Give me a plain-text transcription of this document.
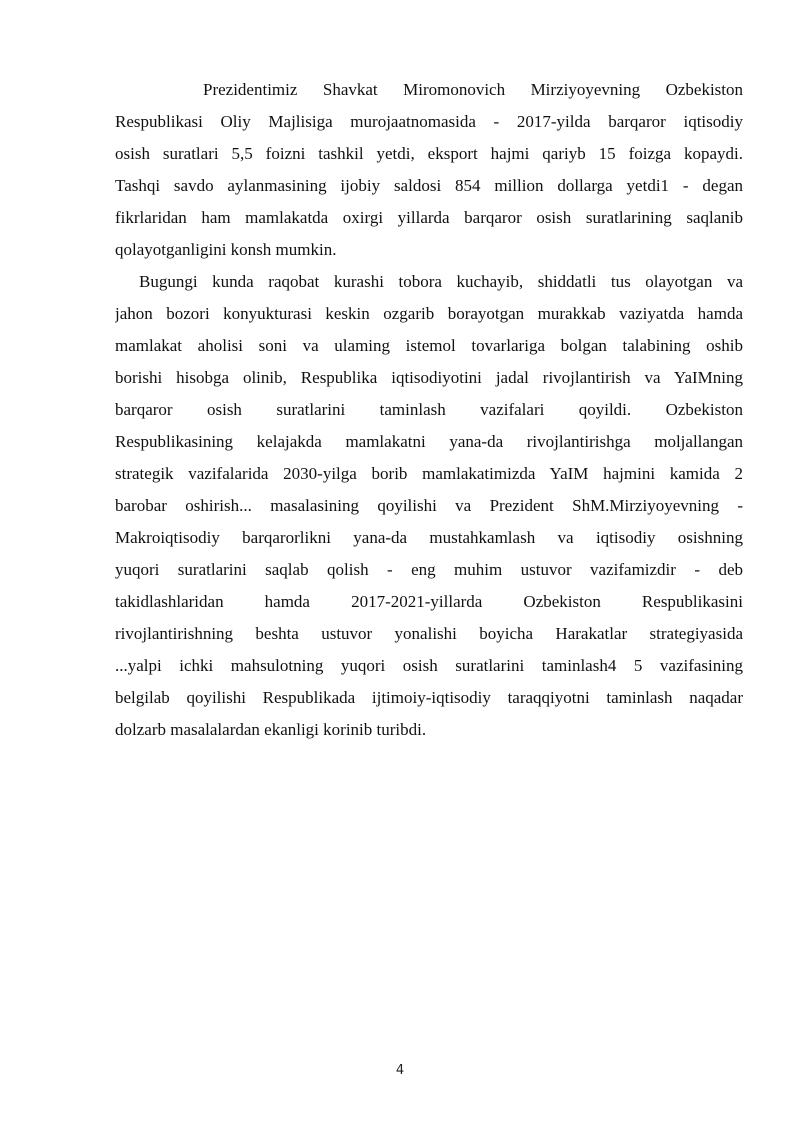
Prezidentimiz Shavkat Miromonovich Mirziyoyevning Ozbekiston
Respublikasi Oliy Majlisiga murojaatnomasida - 2017-yilda barqaror iqtisodiy
osish suratlari 5,5 foizni tashkil yetdi, eksport hajmi qariyb 15 foizga kopaydi.
Tashqi savdo aylanmasining ijobiy saldosi 854 million dollarga yetdi1 - degan
fikrlaridan ham mamlakatda oxirgi yillarda barqaror osish suratlarining saqlanib
qolayotganligini konsh mumkin.
Bugungi kunda raqobat kurashi tobora kuchayib, shiddatli tus olayotgan va
jahon bozori konyukturasi keskin ozgarib borayotgan murakkab vaziyatda hamda
mamlakat aholisi soni va ulaming istemol tovarlariga bolgan talabining oshib
borishi hisobga olinib, Respublika iqtisodiyotini jadal rivojlantirish va YaIMning
barqaror osish suratlarini taminlash vazifalari qoyildi. Ozbekiston
Respublikasining kelajakda mamlakatni yana-da rivojlantirishga moljallangan
strategik vazifalarida 2030-yilga borib mamlakatimizda YaIM hajmini kamida 2
barobar oshirish... masalasining qoyilishi va Prezident ShM.Mirziyoyevning -
Makroiqtisodiy barqarorlikni yana-da mustahkamlash va iqtisodiy osishning
yuqori suratlarini saqlab qolish - eng muhim ustuvor vazifamizdir - deb
takidlashlaridan hamda 2017-2021-yillarda Ozbekiston Respublikasini
rivojlantirishning beshta ustuvor yonalishi boyicha Harakatlar strategiyasida
...yalpi ichki mahsulotning yuqori osish suratlarini taminlash4 5 vazifasining
belgilab qoyilishi Respublikada ijtimoiy-iqtisodiy taraqqiyotni taminlash naqadar
dolzarb masalalardan ekanligi korinib turibdi.
4
